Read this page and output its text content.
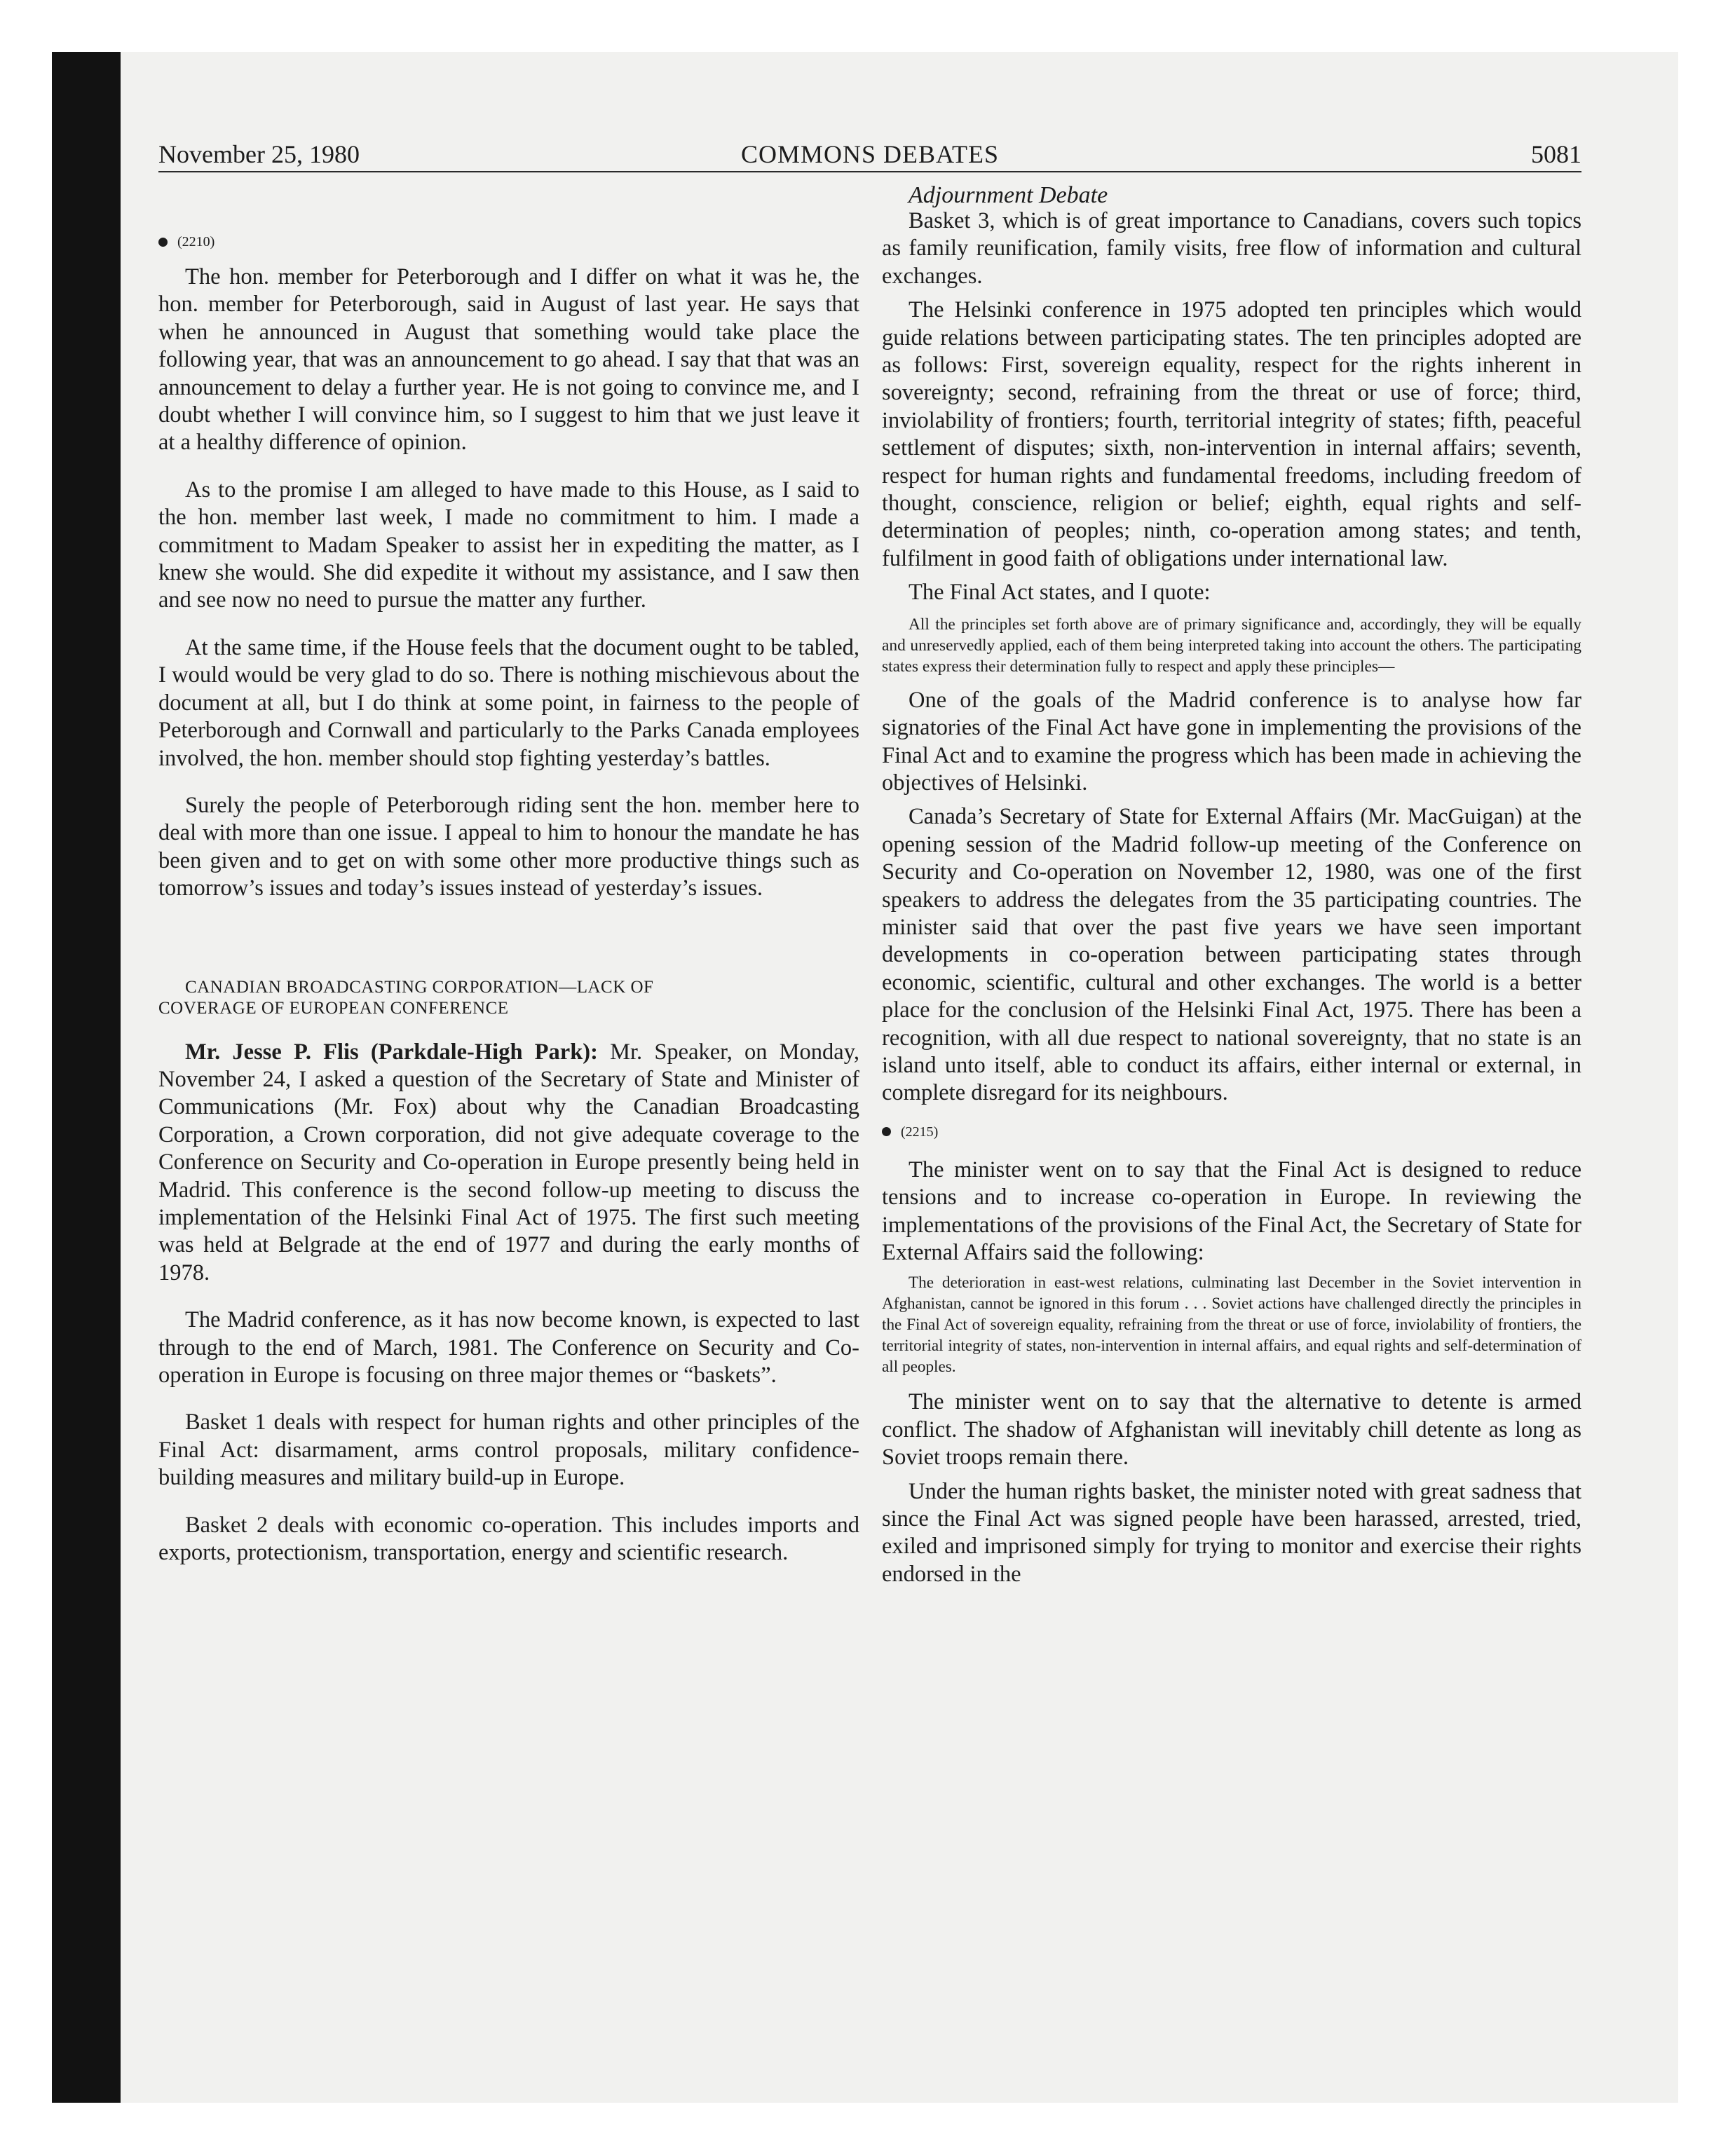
November 25, 1980	COMMONS DEBATES	5081
(2210)

The hon. member for Peterborough and I differ on what it was he, the hon. member for Peterborough, said in August of last year. He says that when he announced in August that something would take place the following year, that was an announcement to go ahead. I say that that was an announcement to delay a further year. He is not going to convince me, and I doubt whether I will convince him, so I suggest to him that we just leave it at a healthy difference of opinion.

As to the promise I am alleged to have made to this House, as I said to the hon. member last week, I made no commitment to him. I made a commitment to Madam Speaker to assist her in expediting the matter, as I knew she would. She did expedite it without my assistance, and I saw then and see now no need to pursue the matter any further.

At the same time, if the House feels that the document ought to be tabled, I would would be very glad to do so. There is nothing mischievous about the document at all, but I do think at some point, in fairness to the people of Peterborough and Cornwall and particularly to the Parks Canada employees involved, the hon. member should stop fighting yesterday’s battles.

Surely the people of Peterborough riding sent the hon. member here to deal with more than one issue. I appeal to him to honour the mandate he has been given and to get on with some other more productive things such as tomorrow’s issues and today’s issues instead of yesterday’s issues.

CANADIAN BROADCASTING CORPORATION—LACK OF

COVERAGE OF EUROPEAN CONFERENCE

Mr. Jesse P. Flis (Parkdale-High Park): Mr. Speaker, on Monday, November 24, I asked a question of the Secretary of State and Minister of Communications (Mr. Fox) about why the Canadian Broadcasting Corporation, a Crown corporation, did not give adequate coverage to the Conference on Security and Co-operation in Europe presently being held in Madrid. This conference is the second follow-up meeting to discuss the implementation of the Helsinki Final Act of 1975. The first such meeting was held at Belgrade at the end of 1977 and during the early months of 1978.

The Madrid conference, as it has now become known, is expected to last through to the end of March, 1981. The Conference on Security and Co-operation in Europe is focusing on three major themes or “baskets”.

Basket 1 deals with respect for human rights and other principles of the Final Act: disarmament, arms control proposals, military confidence-building measures and military build-up in Europe.

Basket 2 deals with economic co-operation. This includes imports and exports, protectionism, transportation, energy and scientific research.

Adjournment Debate

Basket 3, which is of great importance to Canadians, covers such topics as family reunification, family visits, free flow of information and cultural exchanges.

The Helsinki conference in 1975 adopted ten principles which would guide relations between participating states. The ten principles adopted are as follows: First, sovereign equality, respect for the rights inherent in sovereignty; second, refraining from the threat or use of force; third, inviolability of frontiers; fourth, territorial integrity of states; fifth, peaceful settlement of disputes; sixth, non-intervention in internal affairs; seventh, respect for human rights and fundamental freedoms, including freedom of thought, conscience, religion or belief; eighth, equal rights and self-determination of peoples; ninth, co-operation among states; and tenth, fulfilment in good faith of obligations under international law.

The Final Act states, and I quote:

All the principles set forth above are of primary significance and, accordingly, they will be equally and unreservedly applied, each of them being interpreted taking into account the others. The participating states express their determination fully to respect and apply these principles—

One of the goals of the Madrid conference is to analyse how far signatories of the Final Act have gone in implementing the provisions of the Final Act and to examine the progress which has been made in achieving the objectives of Helsinki.

Canada’s Secretary of State for External Affairs (Mr. MacGuigan) at the opening session of the Madrid follow-up meeting of the Conference on Security and Co-operation on November 12, 1980, was one of the first speakers to address the delegates from the 35 participating countries. The minister said that over the past five years we have seen important developments in co-operation between participating states through economic, scientific, cultural and other exchanges. The world is a better place for the conclusion of the Helsinki Final Act, 1975. There has been a recognition, with all due respect to national sovereignty, that no state is an island unto itself, able to conduct its affairs, either internal or external, in complete disregard for its neighbours.

(2215)

The minister went on to say that the Final Act is designed to reduce tensions and to increase co-operation in Europe. In reviewing the implementations of the provisions of the Final Act, the Secretary of State for External Affairs said the following:

The deterioration in east-west relations, culminating last December in the Soviet intervention in Afghanistan, cannot be ignored in this forum . . . Soviet actions have challenged directly the principles in the Final Act of sovereign equality, refraining from the threat or use of force, inviolability of frontiers, the territorial integrity of states, non-intervention in internal affairs, and equal rights and self-determination of all peoples.

The minister went on to say that the alternative to detente is armed conflict. The shadow of Afghanistan will inevitably chill detente as long as Soviet troops remain there.

Under the human rights basket, the minister noted with great sadness that since the Final Act was signed people have been harassed, arrested, tried, exiled and imprisoned simply for trying to monitor and exercise their rights endorsed in the
